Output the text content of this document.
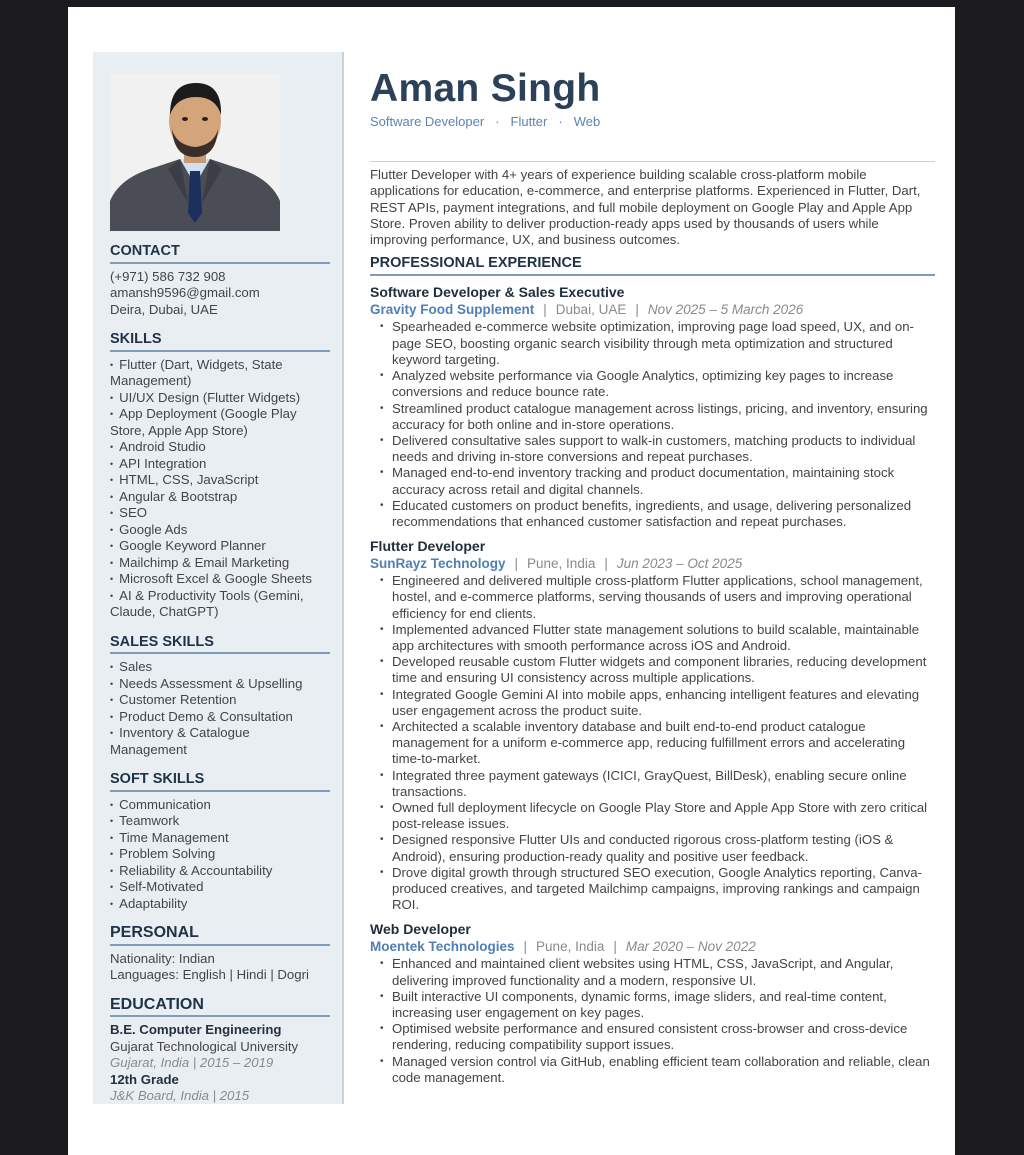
CONTACT
(+971) 586 732 908
amansh9596@gmail.com
Deira, Dubai, UAE
SKILLS
• Flutter (Dart, Widgets, State Management)
• UI/UX Design (Flutter Widgets)
• App Deployment (Google Play Store, Apple App Store)
• Android Studio
• API Integration
• HTML, CSS, JavaScript
• Angular & Bootstrap
• SEO
• Google Ads
• Google Keyword Planner
• Mailchimp & Email Marketing
• Microsoft Excel & Google Sheets
• AI & Productivity Tools (Gemini, Claude, ChatGPT)
SALES SKILLS
• Sales
• Needs Assessment & Upselling
• Customer Retention
• Product Demo & Consultation
• Inventory & Catalogue Management
SOFT SKILLS
• Communication
• Teamwork
• Time Management
• Problem Solving
• Reliability & Accountability
• Self-Motivated
• Adaptability
PERSONAL
Nationality: Indian
Languages: English | Hindi | Dogri
EDUCATION
B.E. Computer Engineering
Gujarat Technological University
Gujarat, India | 2015 – 2019
12th Grade
J&K Board, India | 2015
Aman Singh
Software Developer · Flutter · Web
Flutter Developer with 4+ years of experience building scalable cross-platform mobile applications for education, e-commerce, and enterprise platforms. Experienced in Flutter, Dart, REST APIs, payment integrations, and full mobile deployment on Google Play and Apple App Store. Proven ability to deliver production-ready apps used by thousands of users while improving performance, UX, and business outcomes.
PROFESSIONAL EXPERIENCE
Software Developer & Sales Executive
Gravity Food Supplement | Dubai, UAE | Nov 2025 – 5 March 2026
• Spearheaded e-commerce website optimization, improving page load speed, UX, and on-page SEO, boosting organic search visibility through meta optimization and structured keyword targeting.
• Analyzed website performance via Google Analytics, optimizing key pages to increase conversions and reduce bounce rate.
• Streamlined product catalogue management across listings, pricing, and inventory, ensuring accuracy for both online and in-store operations.
• Delivered consultative sales support to walk-in customers, matching products to individual needs and driving in-store conversions and repeat purchases.
• Managed end-to-end inventory tracking and product documentation, maintaining stock accuracy across retail and digital channels.
• Educated customers on product benefits, ingredients, and usage, delivering personalized recommendations that enhanced customer satisfaction and repeat purchases.
Flutter Developer
SunRayz Technology | Pune, India | Jun 2023 – Oct 2025
• Engineered and delivered multiple cross-platform Flutter applications, school management, hostel, and e-commerce platforms, serving thousands of users and improving operational efficiency for end clients.
• Implemented advanced Flutter state management solutions to build scalable, maintainable app architectures with smooth performance across iOS and Android.
• Developed reusable custom Flutter widgets and component libraries, reducing development time and ensuring UI consistency across multiple applications.
• Integrated Google Gemini AI into mobile apps, enhancing intelligent features and elevating user engagement across the product suite.
• Architected a scalable inventory database and built end-to-end product catalogue management for a uniform e-commerce app, reducing fulfillment errors and accelerating time-to-market.
• Integrated three payment gateways (ICICI, GrayQuest, BillDesk), enabling secure online transactions.
• Owned full deployment lifecycle on Google Play Store and Apple App Store with zero critical post-release issues.
• Designed responsive Flutter UIs and conducted rigorous cross-platform testing (iOS & Android), ensuring production-ready quality and positive user feedback.
• Drove digital growth through structured SEO execution, Google Analytics reporting, Canva-produced creatives, and targeted Mailchimp campaigns, improving rankings and campaign ROI.
Web Developer
Moentek Technologies | Pune, India | Mar 2020 – Nov 2022
• Enhanced and maintained client websites using HTML, CSS, JavaScript, and Angular, delivering improved functionality and a modern, responsive UI.
• Built interactive UI components, dynamic forms, image sliders, and real-time content, increasing user engagement on key pages.
• Optimised website performance and ensured consistent cross-browser and cross-device rendering, reducing compatibility support issues.
• Managed version control via GitHub, enabling efficient team collaboration and reliable, clean code management.
